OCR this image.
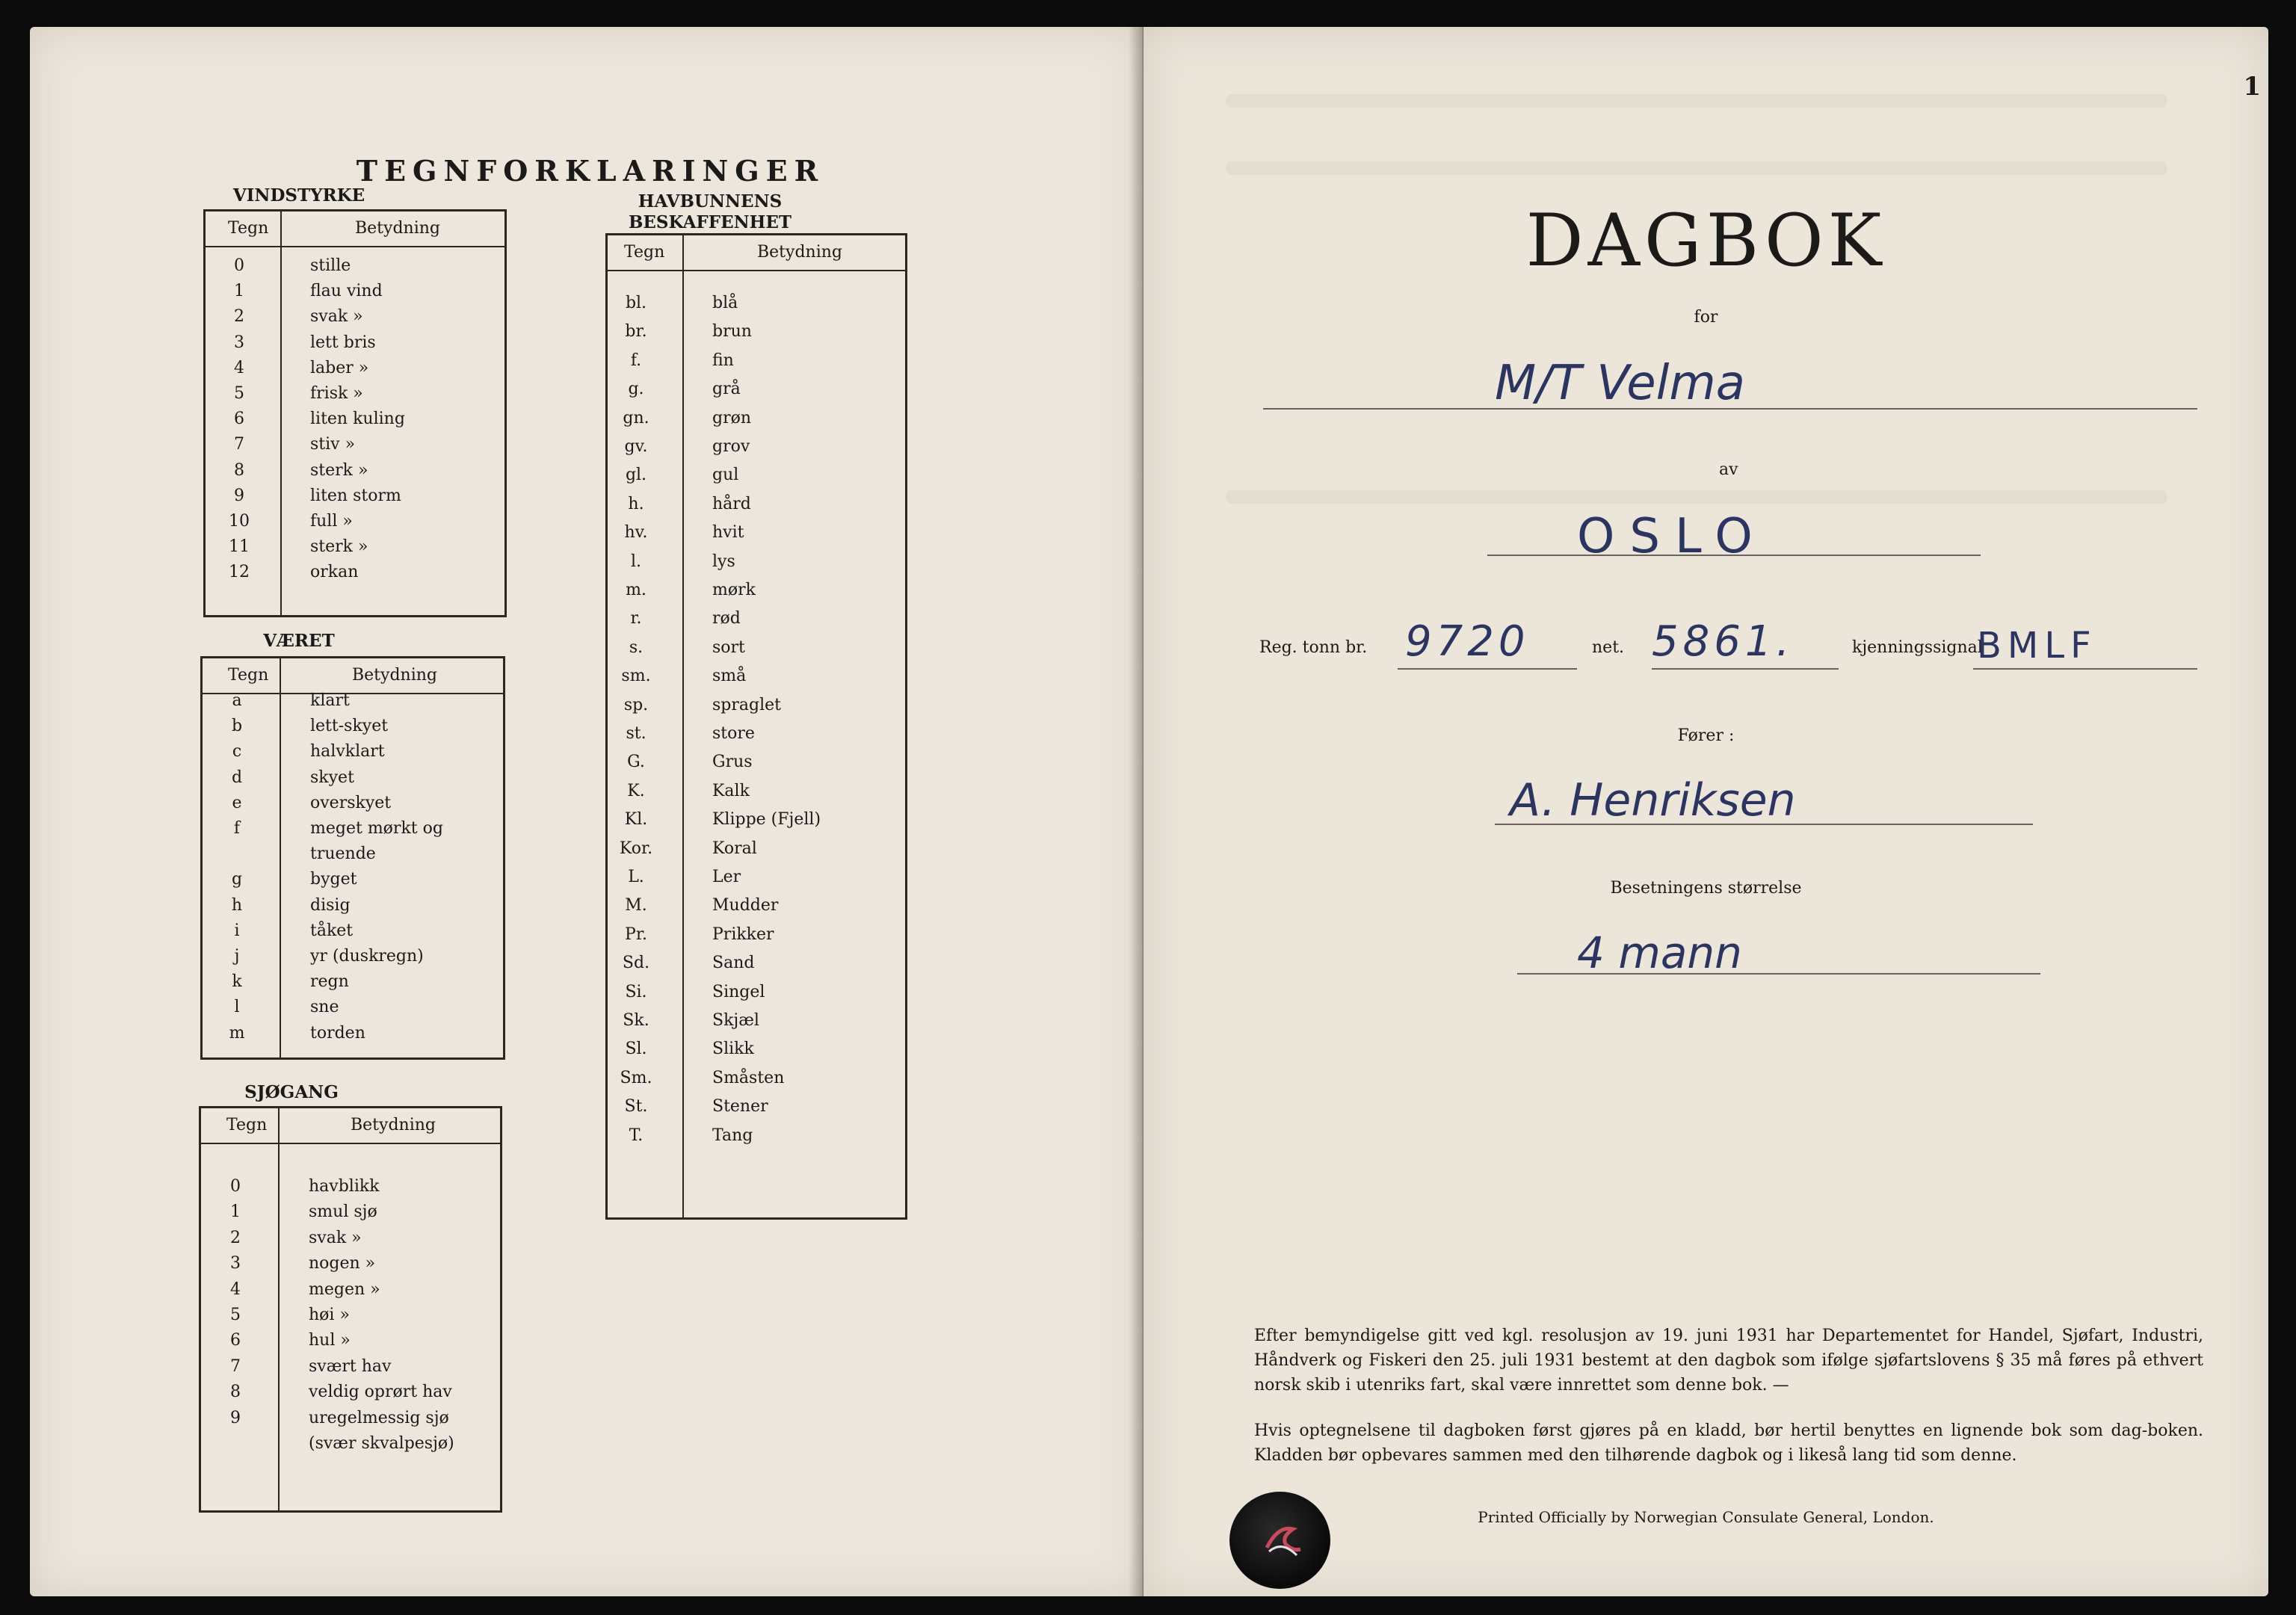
TEGNFORKLARINGER
VINDSTYRKE
Tegn	Betydning
0	stille
1	flau vind
2	svak »
3	lett bris
4	laber »
5	frisk »
6	liten kuling
7	stiv »
8	sterk »
9	liten storm
10	full »
11	sterk »
12	orkan
VÆRET
Tegn	Betydning
a	klart
b	lett-skyet
c	halvklart
d	skyet
e	overskyet
f	meget mørkt og
truende
g	byget
h	disig
i	tåket
j	yr (duskregn)
k	regn
l	sne
m	torden
SJØGANG
Tegn	Betydning
0	havblikk
1	smul sjø
2	svak »
3	nogen »
4	megen »
5	høi »
6	hul »
7	svært hav
8	veldig oprørt hav
9	uregelmessig sjø
(svær skvalpesjø)
HAVBUNNENS
BESKAFFENHET
Tegn	Betydning
bl.	blå
br.	brun
f.	fin
g.	grå
gn.	grøn
gv.	grov
gl.	gul
h.	hård
hv.	hvit
l.	lys
m.	mørk
r.	rød
s.	sort
sm.	små
sp.	spraglet
st.	store
G.	Grus
K.	Kalk
Kl.	Klippe (Fjell)
Kor.	Koral
L.	Ler
M.	Mudder
Pr.	Prikker
Sd.	Sand
Si.	Singel
Sk.	Skjæl
Sl.	Slikk
Sm.	Småsten
St.	Stener
T.	Tang
1
DAGBOK
for
M/T Velma
av
OSLO
Reg. tonn br. 9720	net. 5861.	kjenningssignal
BMLF
Fører :
A. Henriksen
Besetningens størrelse
4 mann
Efter bemyndigelse gitt ved kgl. resolusjon av 19. juni 1931 har Departementet for Handel, Sjøfart, Industri, Håndverk og Fiskeri den 25. juli 1931 bestemt at den dagbok som ifølge sjøfartslovens § 35 må føres på ethvert norsk skib i utenriks fart, skal være innrettet som denne bok. —
Hvis optegnelsene til dagboken først gjøres på en kladd, bør hertil benyttes en lignende bok som dag-boken. Kladden bør opbevares sammen med den tilhørende dagbok og i likeså lang tid som denne.
Printed Officially by Norwegian Consulate General, London.
